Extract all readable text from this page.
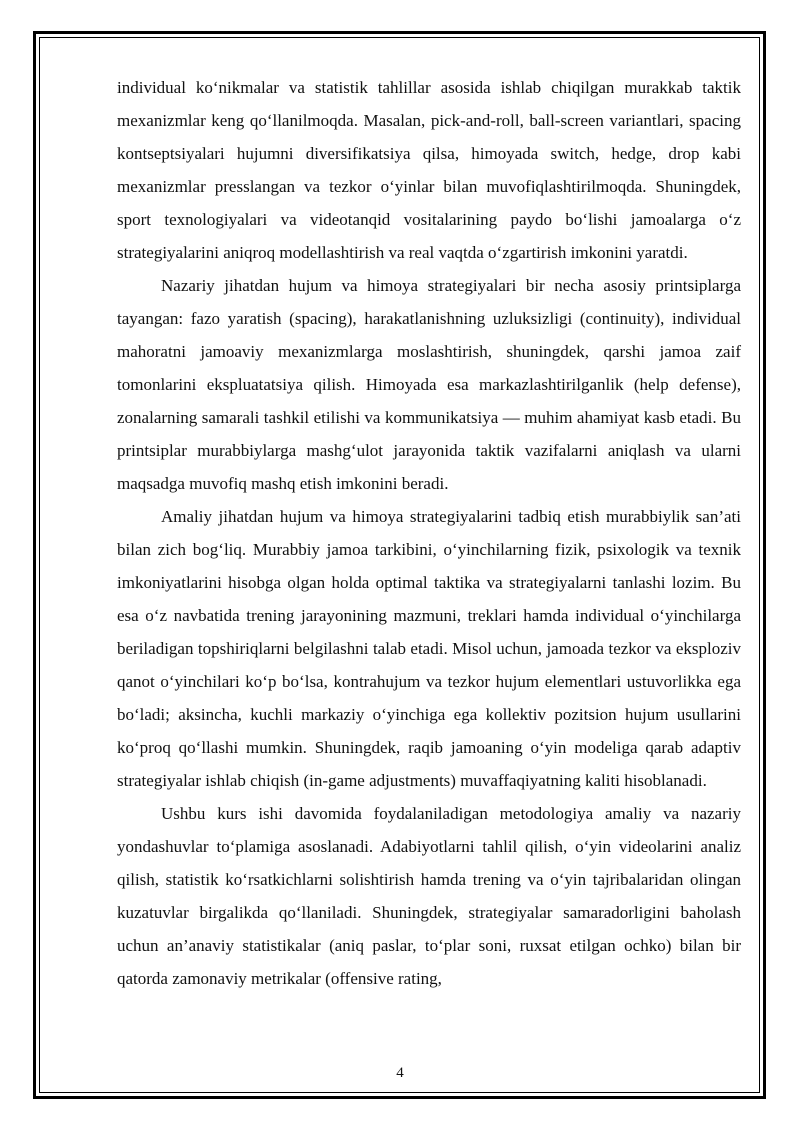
individual ko‘nikmalar va statistik tahlillar asosida ishlab chiqilgan murakkab taktik mexanizmlar keng qo‘llanilmoqda. Masalan, pick-and-roll, ball-screen variantlari, spacing kontseptsiyalari hujumni diversifikatsiya qilsa, himoyada switch, hedge, drop kabi mexanizmlar presslangan va tezkor o‘yinlar bilan muvofiqlashtirilmoqda. Shuningdek, sport texnologiyalari va videotanqid vositalarining paydo bo‘lishi jamoalarga o‘z strategiyalarini aniqroq modellashtirish va real vaqtda o‘zgartirish imkonini yaratdi.

Nazariy jihatdan hujum va himoya strategiyalari bir necha asosiy printsiplarga tayangan: fazo yaratish (spacing), harakatlanishning uzluksizligi (continuity), individual mahoratni jamoaviy mexanizmlarga moslashtirish, shuningdek, qarshi jamoa zaif tomonlarini ekspluatatsiya qilish. Himoyada esa markazlashtirilganlik (help defense), zonalarning samarali tashkil etilishi va kommunikatsiya — muhim ahamiyat kasb etadi. Bu printsiplar murabbiylarga mashg‘ulot jarayonida taktik vazifalarni aniqlash va ularni maqsadga muvofiq mashq etish imkonini beradi.

Amaliy jihatdan hujum va himoya strategiyalarini tadbiq etish murabbiylik san’ati bilan zich bog‘liq. Murabbiy jamoa tarkibini, o‘yinchilarning fizik, psixologik va texnik imkoniyatlarini hisobga olgan holda optimal taktika va strategiyalarni tanlashi lozim. Bu esa o‘z navbatida trening jarayonining mazmuni, treklari hamda individual o‘yinchilarga beriladigan topshiriqlarni belgilashni talab etadi. Misol uchun, jamoada tezkor va eksploziv qanot o‘yinchilari ko‘p bo‘lsa, kontrahujum va tezkor hujum elementlari ustuvorlikka ega bo‘ladi; aksincha, kuchli markaziy o‘yinchiga ega kollektiv pozitsion hujum usullarini ko‘proq qo‘llashi mumkin. Shuningdek, raqib jamoaning o‘yin modeliga qarab adaptiv strategiyalar ishlab chiqish (in-game adjustments) muvaffaqiyatning kaliti hisoblanadi.

Ushbu kurs ishi davomida foydalaniladigan metodologiya amaliy va nazariy yondashuvlar to‘plamiga asoslanadi. Adabiyotlarni tahlil qilish, o‘yin videolarini analiz qilish, statistik ko‘rsatkichlarni solishtirish hamda trening va o‘yin tajribalaridan olingan kuzatuvlar birgalikda qo‘llaniladi. Shuningdek, strategiyalar samaradorligini baholash uchun an’anaviy statistikalar (aniq paslar, to‘plar soni, ruxsat etilgan ochko) bilan bir qatorda zamonaviy metrikalar (offensive rating,

4
